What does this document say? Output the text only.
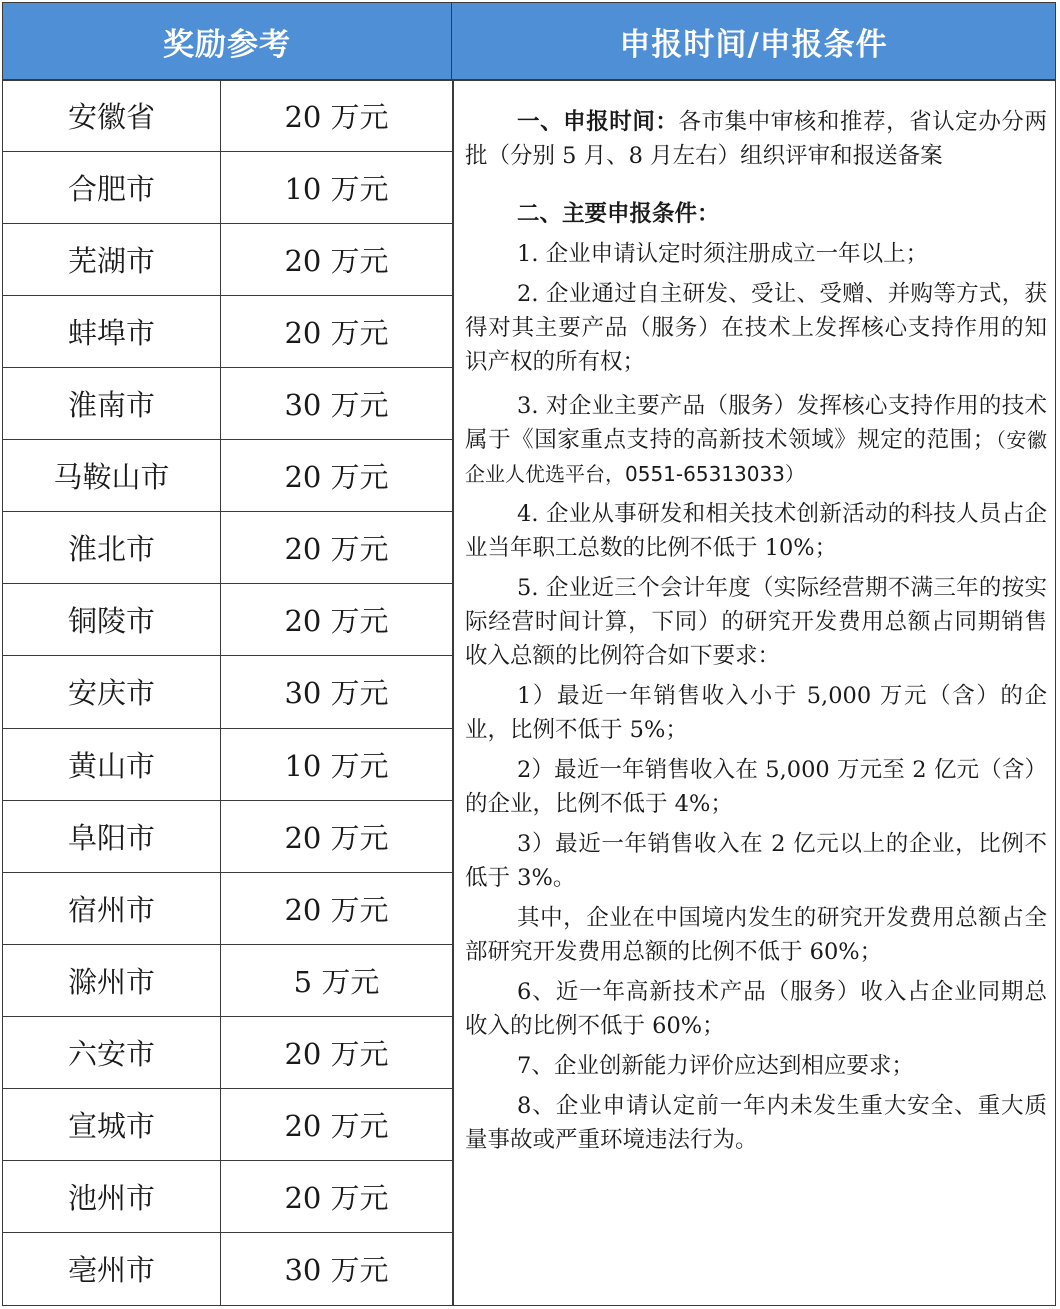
奖励参考	申报时间/申报条件
安徽省	20 万元
合肥市	10 万元
芜湖市	20 万元
蚌埠市	20 万元
淮南市	30 万元
马鞍山市	20 万元
淮北市	20 万元
铜陵市	20 万元
安庆市	30 万元
黄山市	10 万元
阜阳市	20 万元
宿州市	20 万元
滁州市	5 万元
六安市	20 万元
宣城市	20 万元
池州市	20 万元
亳州市	30 万元

一、申报时间：各市集中审核和推荐，省认定办分两批（分别 5 月、8 月左右）组织评审和报送备案

二、主要申报条件：

1. 企业申请认定时须注册成立一年以上；

2. 企业通过自主研发、受让、受赠、并购等方式，获得对其主要产品（服务）在技术上发挥核心支持作用的知识产权的所有权；

3. 对企业主要产品（服务）发挥核心支持作用的技术属于《国家重点支持的高新技术领域》规定的范围；（安徽企业人优选平台，0551-65313033）

4. 企业从事研发和相关技术创新活动的科技人员占企业当年职工总数的比例不低于 10%；

5. 企业近三个会计年度（实际经营期不满三年的按实际经营时间计算，下同）的研究开发费用总额占同期销售收入总额的比例符合如下要求：

1）最近一年销售收入小于 5,000 万元（含）的企业，比例不低于 5%；

2）最近一年销售收入在 5,000 万元至 2 亿元（含）的企业，比例不低于 4%；

3）最近一年销售收入在 2 亿元以上的企业，比例不低于 3%。

其中，企业在中国境内发生的研究开发费用总额占全部研究开发费用总额的比例不低于 60%；

6、近一年高新技术产品（服务）收入占企业同期总收入的比例不低于 60%；

7、企业创新能力评价应达到相应要求；

8、企业申请认定前一年内未发生重大安全、重大质量事故或严重环境违法行为。
